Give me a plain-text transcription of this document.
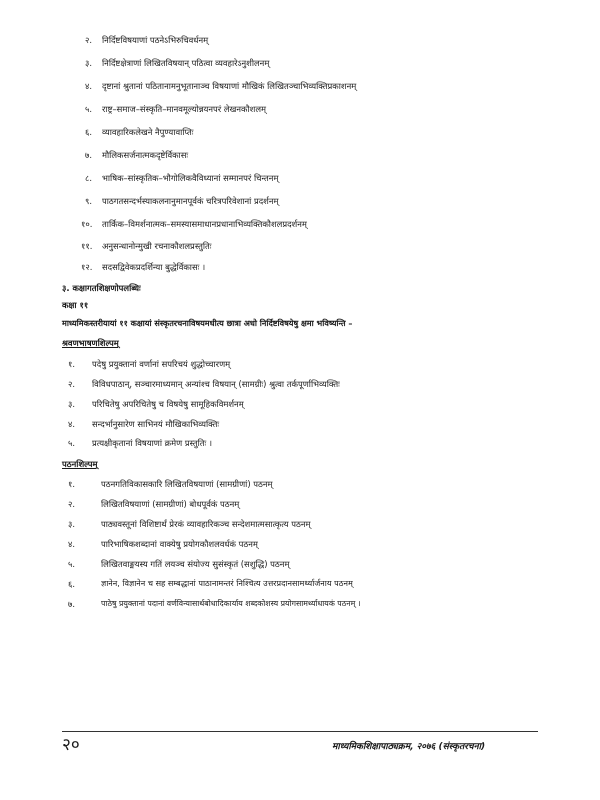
२. निर्दिष्टविषयाणां पठनेऽभिरुचिवर्धनम्
३. निर्दिष्टक्षेत्राणां लिखितविषयान् पठित्वा व्यवहारेऽनुशीलनम्
४. दृष्टानां श्रुतानां पठितानामनुभूतानाञ्च विषयाणां मौखिकं लिखितञ्चाभिव्यक्तिप्रकाशनम्
५. राष्ट्र–समाज–संस्कृति–मानवमूल्योन्नयनपरं लेखनकौशलम्
६. व्यावहारिकलेखने नैपुण्यावाप्तिः
७. मौलिकसर्जनात्मकदृष्टेर्विकासः
८. भाषिक–सांस्कृतिक–भौगोलिकवैविध्यानां सम्मानपरं चिन्तनम्
९. पाठगतसन्दर्भस्याकलनानुमानपूर्वकं चरित्रपरिवेशानां प्रदर्शनम्
१०. तार्किक–विमर्शनात्मक–समस्यासमाधानप्रधानाभिव्यक्तिकौशलप्रदर्शनम्
११. अनुसन्धानोन्मुखी रचनाकौशलप्रस्तुतिः
१२. सदसद्विवेकप्रदर्शिन्या बुद्धेर्विकासः ।
३. कक्षागतशिक्षणोपलब्धिः
कक्षा ११
माध्यमिकस्तरीयायां ११ कक्षायां संस्कृतरचनाविषयमधीत्य छात्रा अधो निर्दिष्टविषयेषु क्षमा भविष्यन्ति –
श्रवणभाषणशिल्पम्
१. पदेषु प्रयुक्तानां वर्णानां सपरिचयं शुद्धोच्चारणम्
२. विविधपाठान्, सञ्चारमाध्यमान् अन्यांश्च विषयान् (सामग्रीः) श्रुत्वा तर्कपूर्णाभिव्यक्तिः
३. परिचितेषु अपरिचितेषु च विषयेषु सामूहिकविमर्शनम्
४. सन्दर्भानुसारेण साभिनयं मौखिकाभिव्यक्तिः
५. प्रत्यक्षीकृतानां विषयाणां क्रमेण प्रस्तुतिः ।
पठनशिल्पम्
१.	पठनगतिविकासकारि लिखितविषयाणां (सामग्रीणां) पठनम्
२.	लिखितविषयाणां (सामग्रीणां) बोधपूर्वकं पठनम्
३.	पाठ्यवस्तूनां विशिष्टार्थं प्रेरकं व्यावहारिकञ्च सन्देशमात्मसात्कृत्य पठनम्
४.	पारिभाषिकशब्दानां वाक्येषु प्रयोगकौशलवर्धकं पठनम्
५.	लिखितवाङ्मयस्य गतिं लयञ्च संयोज्य सुसंस्कृतं (सशुद्धि) पठनम्
६.	ज्ञानेन, विज्ञानेन च सह सम्बद्धानां पाठानामन्तरं निश्चित्य उत्तरप्रदानसामर्थ्यार्जनाय पठनम्
७.	पाठेषु प्रयुक्तानां पदानां वर्णविन्यासार्थबोधादिकार्याय शब्दकोशस्य प्रयोगसामर्थ्याधायकं पठनम् ।
२०	माध्यमिकशिक्षापाठ्यक्रम, २०७६ (संस्कृतरचना)
